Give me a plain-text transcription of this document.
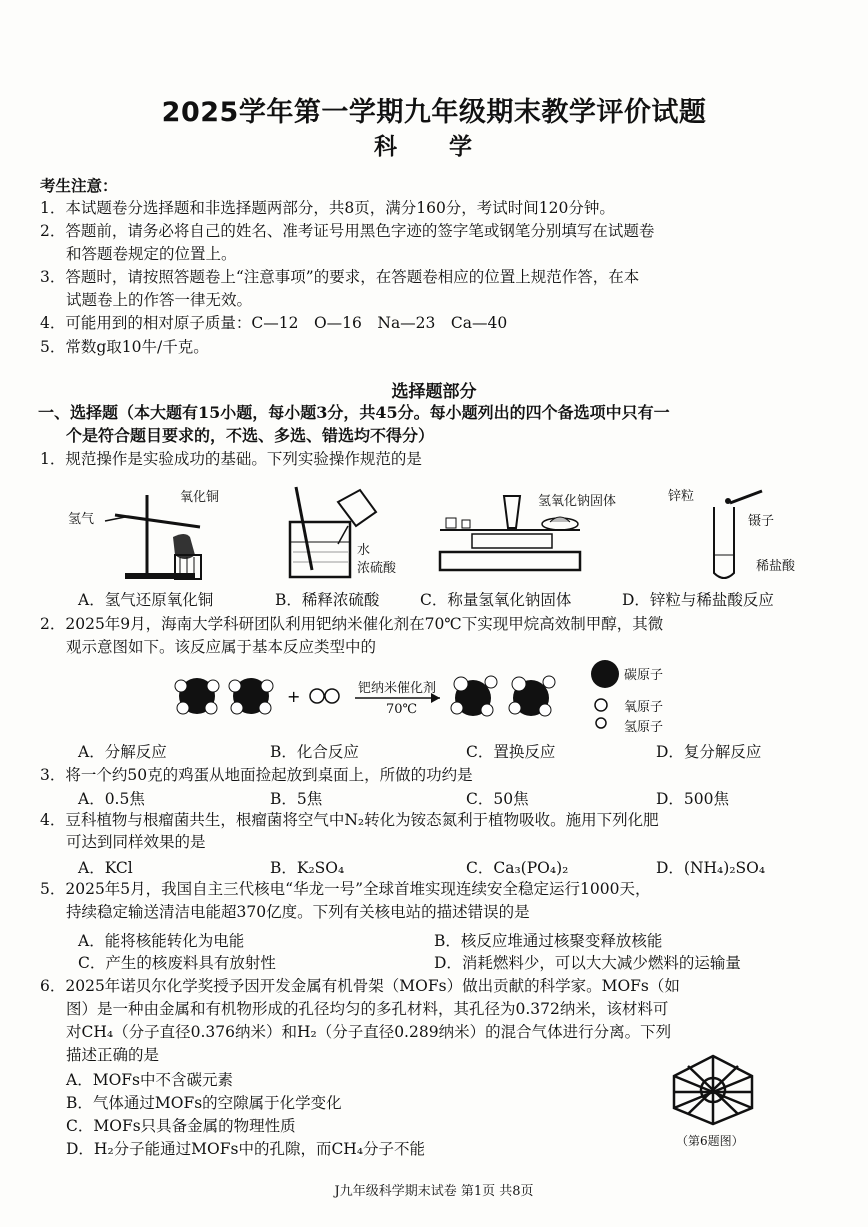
2025学年第一学期九年级期末教学评价试题
科 学
考生注意：
1．本试题卷分选择题和非选择题两部分，共8页，满分160分，考试时间120分钟。
2．答题前，请务必将自己的姓名、准考证号用黑色字迹的签字笔或钢笔分别填写在试题卷
和答题卷规定的位置上。
3．答题时，请按照答题卷上“注意事项”的要求，在答题卷相应的位置上规范作答，在本
试题卷上的作答一律无效。
4．可能用到的相对原子质量：C—12　O—16　Na—23　Ca—40
5．常数g取10牛/千克。
选择题部分
一、选择题（本大题有15小题，每小题3分，共45分。每小题列出的四个备选项中只有一
个是符合题目要求的，不选、多选、错选均不得分）
1．规范操作是实验成功的基础。下列实验操作规范的是
氢气
氧化铜
水
浓硫酸
氢氧化钠固体	锌粒
镊子
稀盐酸
A．氢气还原氧化铜	B．稀释浓硫酸	C．称量氢氧化钠固体	D．锌粒与稀盐酸反应
2．2025年9月，海南大学科研团队利用钯纳米催化剂在70℃下实现甲烷高效制甲醇，其微
观示意图如下。该反应属于基本反应类型中的
+	钯纳米催化剂
70℃
碳原子
氧原子
氢原子
A．分解反应	B．化合反应	C．置换反应	D．复分解反应
3．将一个约50克的鸡蛋从地面捡起放到桌面上，所做的功约是
A．0.5焦	B．5焦	C．50焦	D．500焦
4．豆科植物与根瘤菌共生，根瘤菌将空气中N₂转化为铵态氮利于植物吸收。施用下列化肥
可达到同样效果的是
A．KCl	B．K₂SO₄	C．Ca₃(PO₄)₂	D．(NH₄)₂SO₄
5．2025年5月，我国自主三代核电“华龙一号”全球首堆实现连续安全稳定运行1000天，
持续稳定输送清洁电能超370亿度。下列有关核电站的描述错误的是
A．能将核能转化为电能	B．核反应堆通过核聚变释放核能
C．产生的核废料具有放射性	D．消耗燃料少，可以大大减少燃料的运输量
6．2025年诺贝尔化学奖授予因开发金属有机骨架（MOFs）做出贡献的科学家。MOFs（如
图）是一种由金属和有机物形成的孔径均匀的多孔材料，其孔径为0.372纳米，该材料可
对CH₄（分子直径0.376纳米）和H₂（分子直径0.289纳米）的混合气体进行分离。下列
描述正确的是
A．MOFs中不含碳元素
B．气体通过MOFs的空隙属于化学变化
C．MOFs只具备金属的物理性质
D．H₂分子能通过MOFs中的孔隙，而CH₄分子不能	（第6题图）
J九年级科学期末试卷 第1页 共8页
